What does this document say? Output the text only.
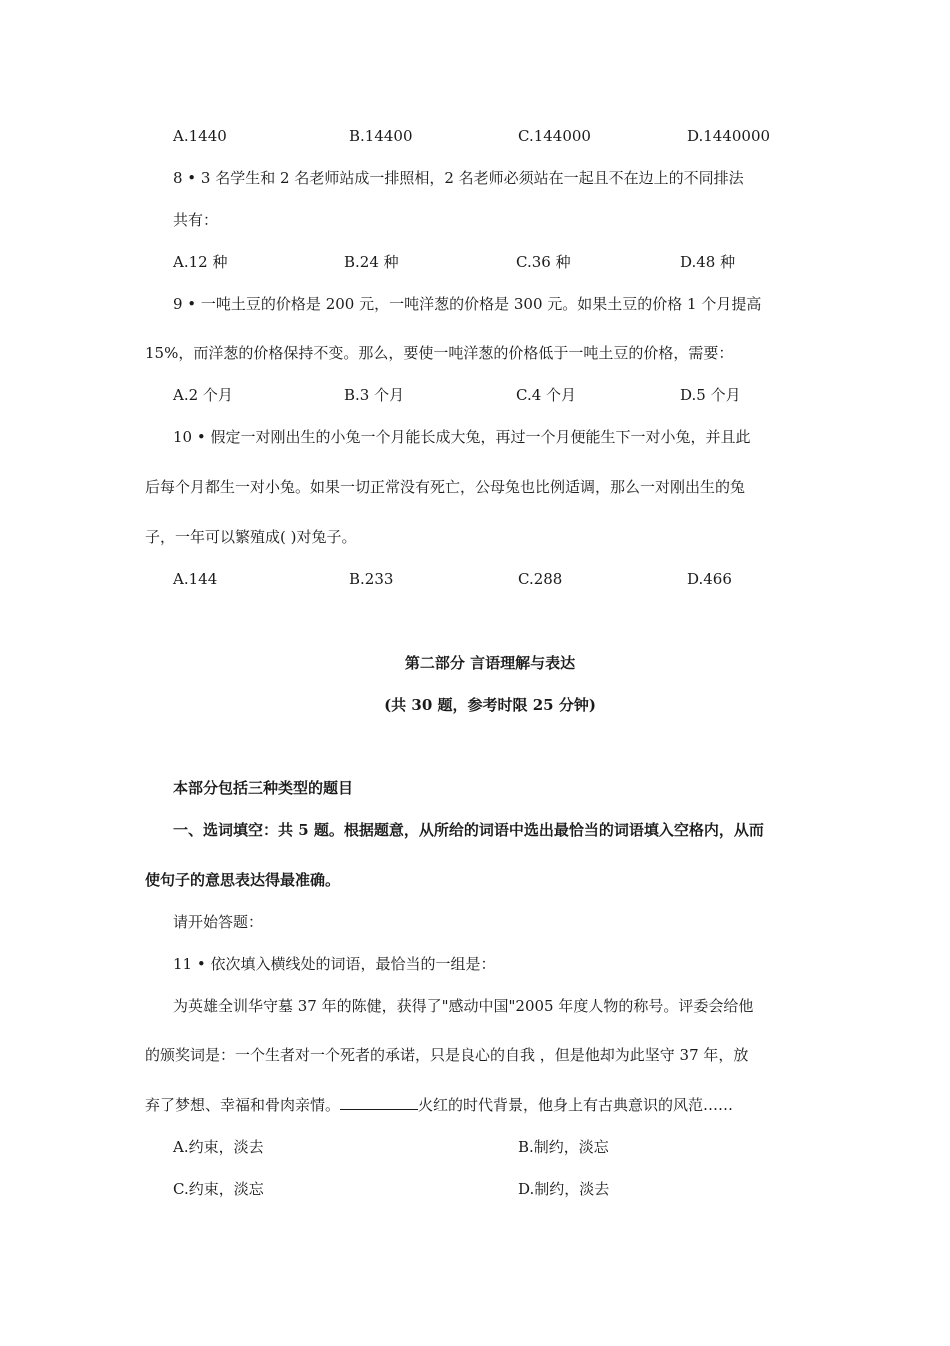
A.1440	B.14400	C.144000	D.1440000
8 • 3 名学生和 2 名老师站成一排照相，2 名老师必须站在一起且不在边上的不同排法
共有：
A.12 种	B.24 种	C.36 种	D.48 种
9 • 一吨土豆的价格是 200 元，一吨洋葱的价格是 300 元。如果土豆的价格 1 个月提高
15%，而洋葱的价格保持不变。那么，要使一吨洋葱的价格低于一吨土豆的价格，需要：
A.2 个月	B.3 个月	C.4 个月	D.5 个月
10 • 假定一对刚出生的小兔一个月能长成大兔，再过一个月便能生下一对小兔，并且此
后每个月都生一对小兔。如果一切正常没有死亡，公母兔也比例适调，那么一对刚出生的兔
子，一年可以繁殖成( )对兔子。
A.144	B.233	C.288	D.466
第二部分 言语理解与表达
(共 30 题，参考时限 25 分钟)
本部分包括三种类型的题目
一、选词填空：共 5 题。根据题意，从所给的词语中选出最恰当的词语填入空格内，从而
使句子的意思表达得最准确。
请开始答题：
11 • 依次填入横线处的词语，最恰当的一组是：
为英雄全训华守墓 37 年的陈健，获得了"感动中国"2005 年度人物的称号。评委会给他
的颁奖词是：一个生者对一个死者的承诺，只是良心的自我 ，但是他却为此坚守 37 年，放
弃了梦想、幸福和骨肉亲情。	火红的时代背景，他身上有古典意识的风范……
A.约束，淡去	B.制约，淡忘
C.约束，淡忘	D.制约，淡去
